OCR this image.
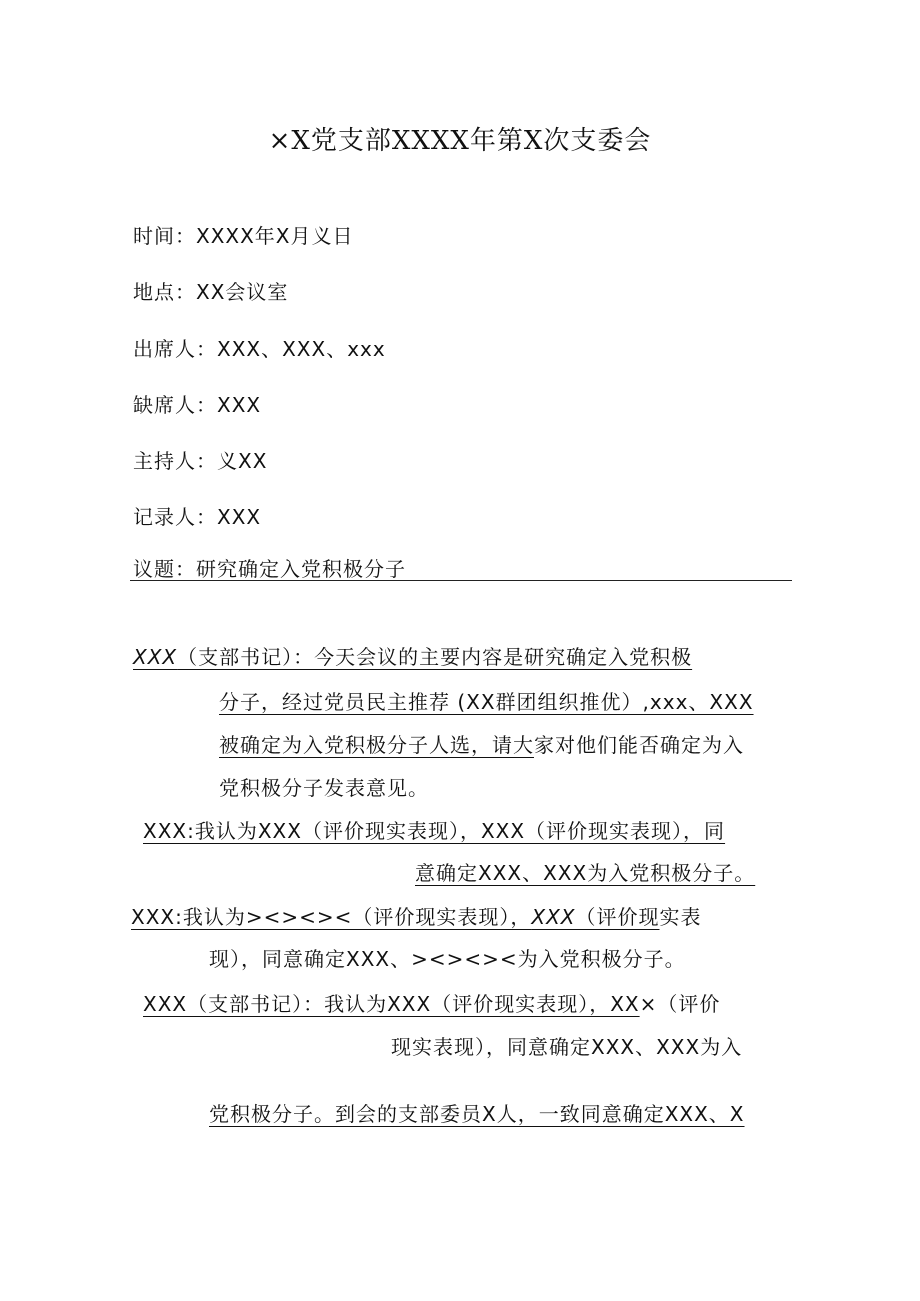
×X党支部XXXX年第X次支委会
时间：XXXX年X月义日
地点：XX会议室
出席人：XXX、XXX、xxx
缺席人：XXX
主持人：义XX
记录人：XXX
议题：研究确定入党积极分子
XXX（支部书记）：今天会议的主要内容是研究确定入党积极
分子，经过党员民主推荐 (XX群团组织推优）,xxx、XXX
被确定为入党积极分子人选，请大家对他们能否确定为入
党积极分子发表意见。
XXX:我认为XXX（评价现实表现），XXX（评价现实表现），同
意确定XXX、XXX为入党积极分子。
XXX:我认为><><><（评价现实表现），XXX（评价现实表
现），同意确定XXX、><><><为入党积极分子。
XXX（支部书记）：我认为XXX（评价现实表现），XX×（评价
现实表现），同意确定XXX、XXX为入
党积极分子。到会的支部委员X人，一致同意确定XXX、X
